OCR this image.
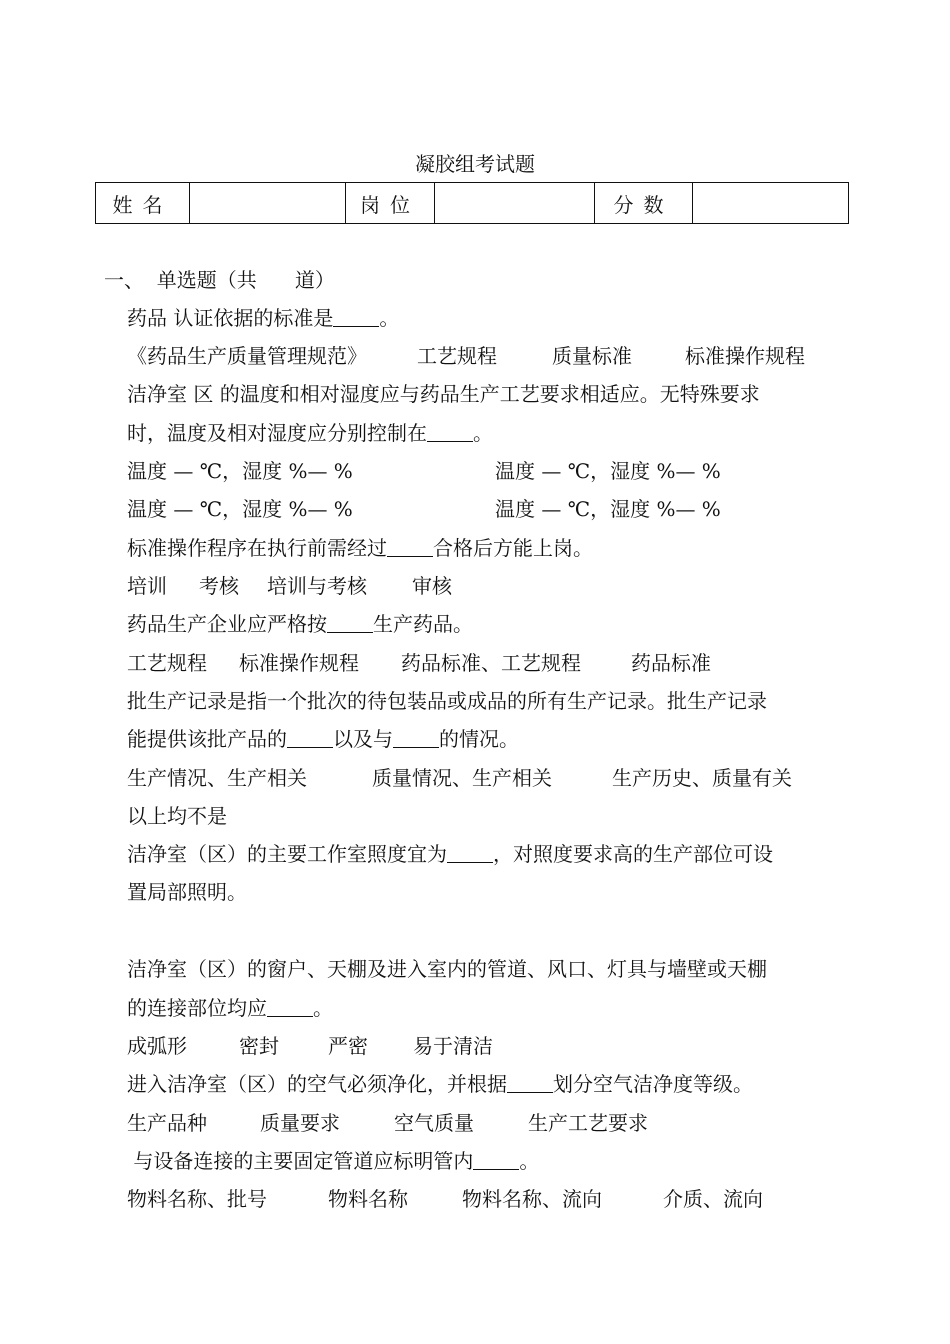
凝胶组考试题
姓名		岗位		分数	
一、  单选题（共      道）
药品 认证依据的标准是 。
《药品生产质量管理规范》	工艺规程	质量标准	标准操作规程
洁净室 区 的温度和相对湿度应与药品生产工艺要求相适应。无特殊要求
时，温度及相对湿度应分别控制在 。
温度 — ℃，湿度 %— %	温度 — ℃，湿度 %— %
温度 — ℃，湿度 %— %	温度 — ℃，湿度 %— %
标准操作程序在执行前需经过 合格后方能上岗。
培训 考核 培训与考核 审核
药品生产企业应严格按 生产药品。
工艺规程 标准操作规程 药品标准、工艺规程	药品标准
批生产记录是指一个批次的待包装品或成品的所有生产记录。批生产记录
能提供该批产品的 以及与 的情况。
生产情况、生产相关	质量情况、生产相关	生产历史、质量有关
以上均不是
洁净室（区）的主要工作室照度宜为 ，对照度要求高的生产部位可设
置局部照明。
洁净室（区）的窗户、天棚及进入室内的管道、风口、灯具与墙壁或天棚
的连接部位均应 。
成弧形	密封 严密 易于清洁
进入洁净室（区）的空气必须净化，并根据 划分空气洁净度等级。
生产品种	质量要求	空气质量	生产工艺要求
与设备连接的主要固定管道应标明管内 。
物料名称、批号	物料名称	物料名称、流向	介质、流向
